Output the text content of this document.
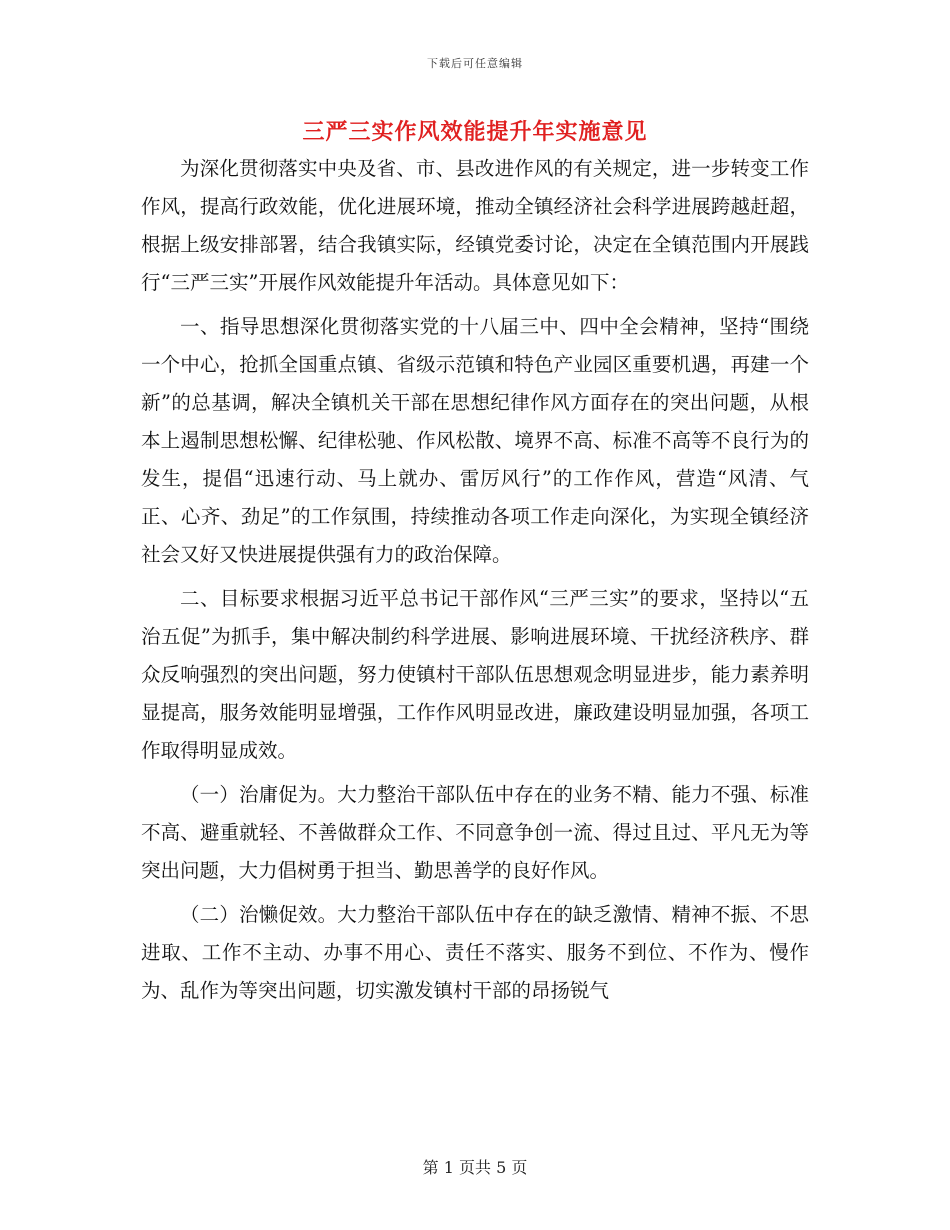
下载后可任意编辑
三严三实作风效能提升年实施意见

为深化贯彻落实中央及省、市、县改进作风的有关规定，进一步转变工作作风，提高行政效能，优化进展环境，推动全镇经济社会科学进展跨越赶超，根据上级安排部署，结合我镇实际，经镇党委讨论，决定在全镇范围内开展践行“三严三实”开展作风效能提升年活动。具体意见如下：

一、指导思想深化贯彻落实党的十八届三中、四中全会精神，坚持“围绕一个中心，抢抓全国重点镇、省级示范镇和特色产业园区重要机遇，再建一个新”的总基调，解决全镇机关干部在思想纪律作风方面存在的突出问题，从根本上遏制思想松懈、纪律松驰、作风松散、境界不高、标准不高等不良行为的发生，提倡“迅速行动、马上就办、雷厉风行”的工作作风，营造“风清、气正、心齐、劲足”的工作氛围，持续推动各项工作走向深化，为实现全镇经济社会又好又快进展提供强有力的政治保障。

二、目标要求根据习近平总书记干部作风“三严三实”的要求，坚持以“五治五促”为抓手，集中解决制约科学进展、影响进展环境、干扰经济秩序、群众反响强烈的突出问题，努力使镇村干部队伍思想观念明显进步，能力素养明显提高，服务效能明显增强，工作作风明显改进，廉政建设明显加强，各项工作取得明显成效。

（一）治庸促为。大力整治干部队伍中存在的业务不精、能力不强、标准不高、避重就轻、不善做群众工作、不同意争创一流、得过且过、平凡无为等突出问题，大力倡树勇于担当、勤思善学的良好作风。

（二）治懒促效。大力整治干部队伍中存在的缺乏激情、精神不振、不思进取、工作不主动、办事不用心、责任不落实、服务不到位、不作为、慢作为、乱作为等突出问题，切实激发镇村干部的昂扬锐气

第 1 页共 5 页
